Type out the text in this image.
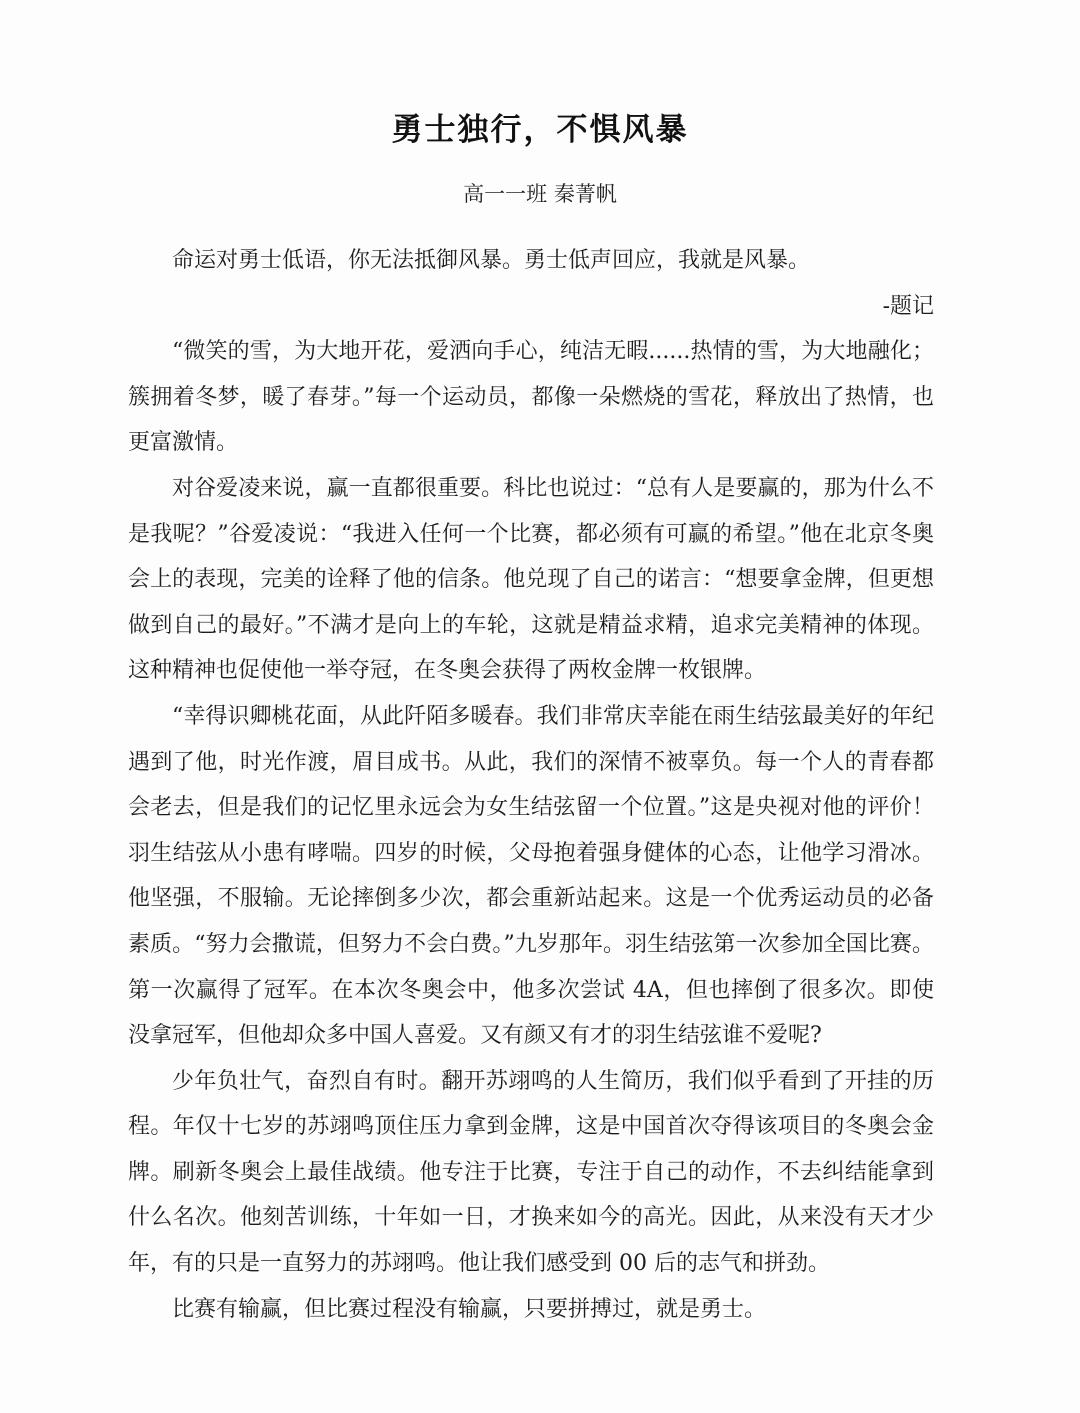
勇士独行，不惧风暴
高一一班 秦菁帆

命运对勇士低语，你无法抵御风暴。勇士低声回应，我就是风暴。

-题记

“微笑的雪，为大地开花，爱洒向手心，纯洁无暇......热情的雪，为大地融化；簇拥着冬梦，暖了春芽。”每一个运动员，都像一朵燃烧的雪花，释放出了热情，也更富激情。

对谷爱凌来说，赢一直都很重要。科比也说过：“总有人是要赢的，那为什么不是我呢？”谷爱凌说：“我进入任何一个比赛，都必须有可赢的希望。”他在北京冬奥会上的表现，完美的诠释了他的信条。他兑现了自己的诺言：“想要拿金牌，但更想做到自己的最好。”不满才是向上的车轮，这就是精益求精，追求完美精神的体现。这种精神也促使他一举夺冠，在冬奥会获得了两枚金牌一枚银牌。

“幸得识卿桃花面，从此阡陌多暖春。我们非常庆幸能在雨生结弦最美好的年纪遇到了他，时光作渡，眉目成书。从此，我们的深情不被辜负。每一个人的青春都会老去，但是我们的记忆里永远会为女生结弦留一个位置。”这是央视对他的评价！羽生结弦从小患有哮喘。四岁的时候，父母抱着强身健体的心态，让他学习滑冰。他坚强，不服输。无论摔倒多少次，都会重新站起来。这是一个优秀运动员的必备素质。“努力会撒谎，但努力不会白费。”九岁那年。羽生结弦第一次参加全国比赛。第一次赢得了冠军。在本次冬奥会中，他多次尝试 4A，但也摔倒了很多次。即使没拿冠军，但他却众多中国人喜爱。又有颜又有才的羽生结弦谁不爱呢?

少年负壮气，奋烈自有时。翻开苏翊鸣的人生简历，我们似乎看到了开挂的历程。年仅十七岁的苏翊鸣顶住压力拿到金牌，这是中国首次夺得该项目的冬奥会金牌。刷新冬奥会上最佳战绩。他专注于比赛，专注于自己的动作，不去纠结能拿到什么名次。他刻苦训练，十年如一日，才换来如今的高光。因此，从来没有天才少年，有的只是一直努力的苏翊鸣。他让我们感受到 00 后的志气和拼劲。

比赛有输赢，但比赛过程没有输赢，只要拼搏过，就是勇士。
